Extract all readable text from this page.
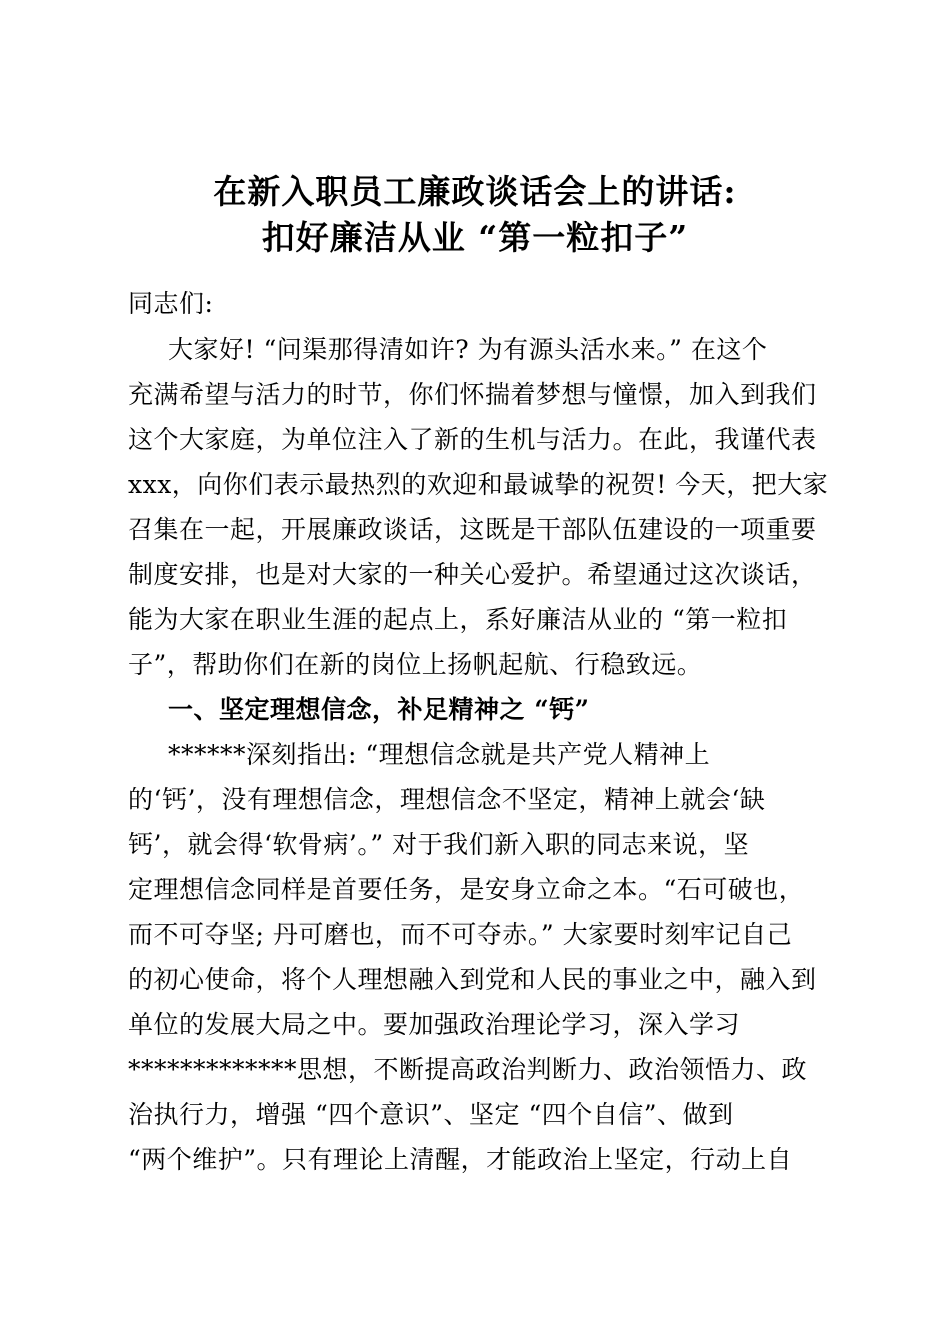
在新入职员工廉政谈话会上的讲话:
扣好廉洁从业 “第一粒扣子”
同志们:
大家好! “问渠那得清如许? 为有源头活水来。” 在这个
充满希望与活力的时节，你们怀揣着梦想与憧憬，加入到我们
这个大家庭，为单位注入了新的生机与活力。在此，我谨代表
xxx，向你们表示最热烈的欢迎和最诚挚的祝贺! 今天，把大家
召集在一起，开展廉政谈话，这既是干部队伍建设的一项重要
制度安排，也是对大家的一种关心爱护。希望通过这次谈话，
能为大家在职业生涯的起点上，系好廉洁从业的 “第一粒扣
子”，帮助你们在新的岗位上扬帆起航、行稳致远。
一、坚定理想信念，补足精神之 “钙”
******深刻指出: “理想信念就是共产党人精神上
的‘钙’，没有理想信念，理想信念不坚定，精神上就会‘缺
钙’，就会得‘软骨病’。” 对于我们新入职的同志来说，坚
定理想信念同样是首要任务，是安身立命之本。“石可破也，
而不可夺坚; 丹可磨也，而不可夺赤。” 大家要时刻牢记自己
的初心使命，将个人理想融入到党和人民的事业之中，融入到
单位的发展大局之中。要加强政治理论学习，深入学习
*************思想，不断提高政治判断力、政治领悟力、政
治执行力，增强 “四个意识”、坚定 “四个自信”、做到
“两个维护”。只有理论上清醒，才能政治上坚定，行动上自
